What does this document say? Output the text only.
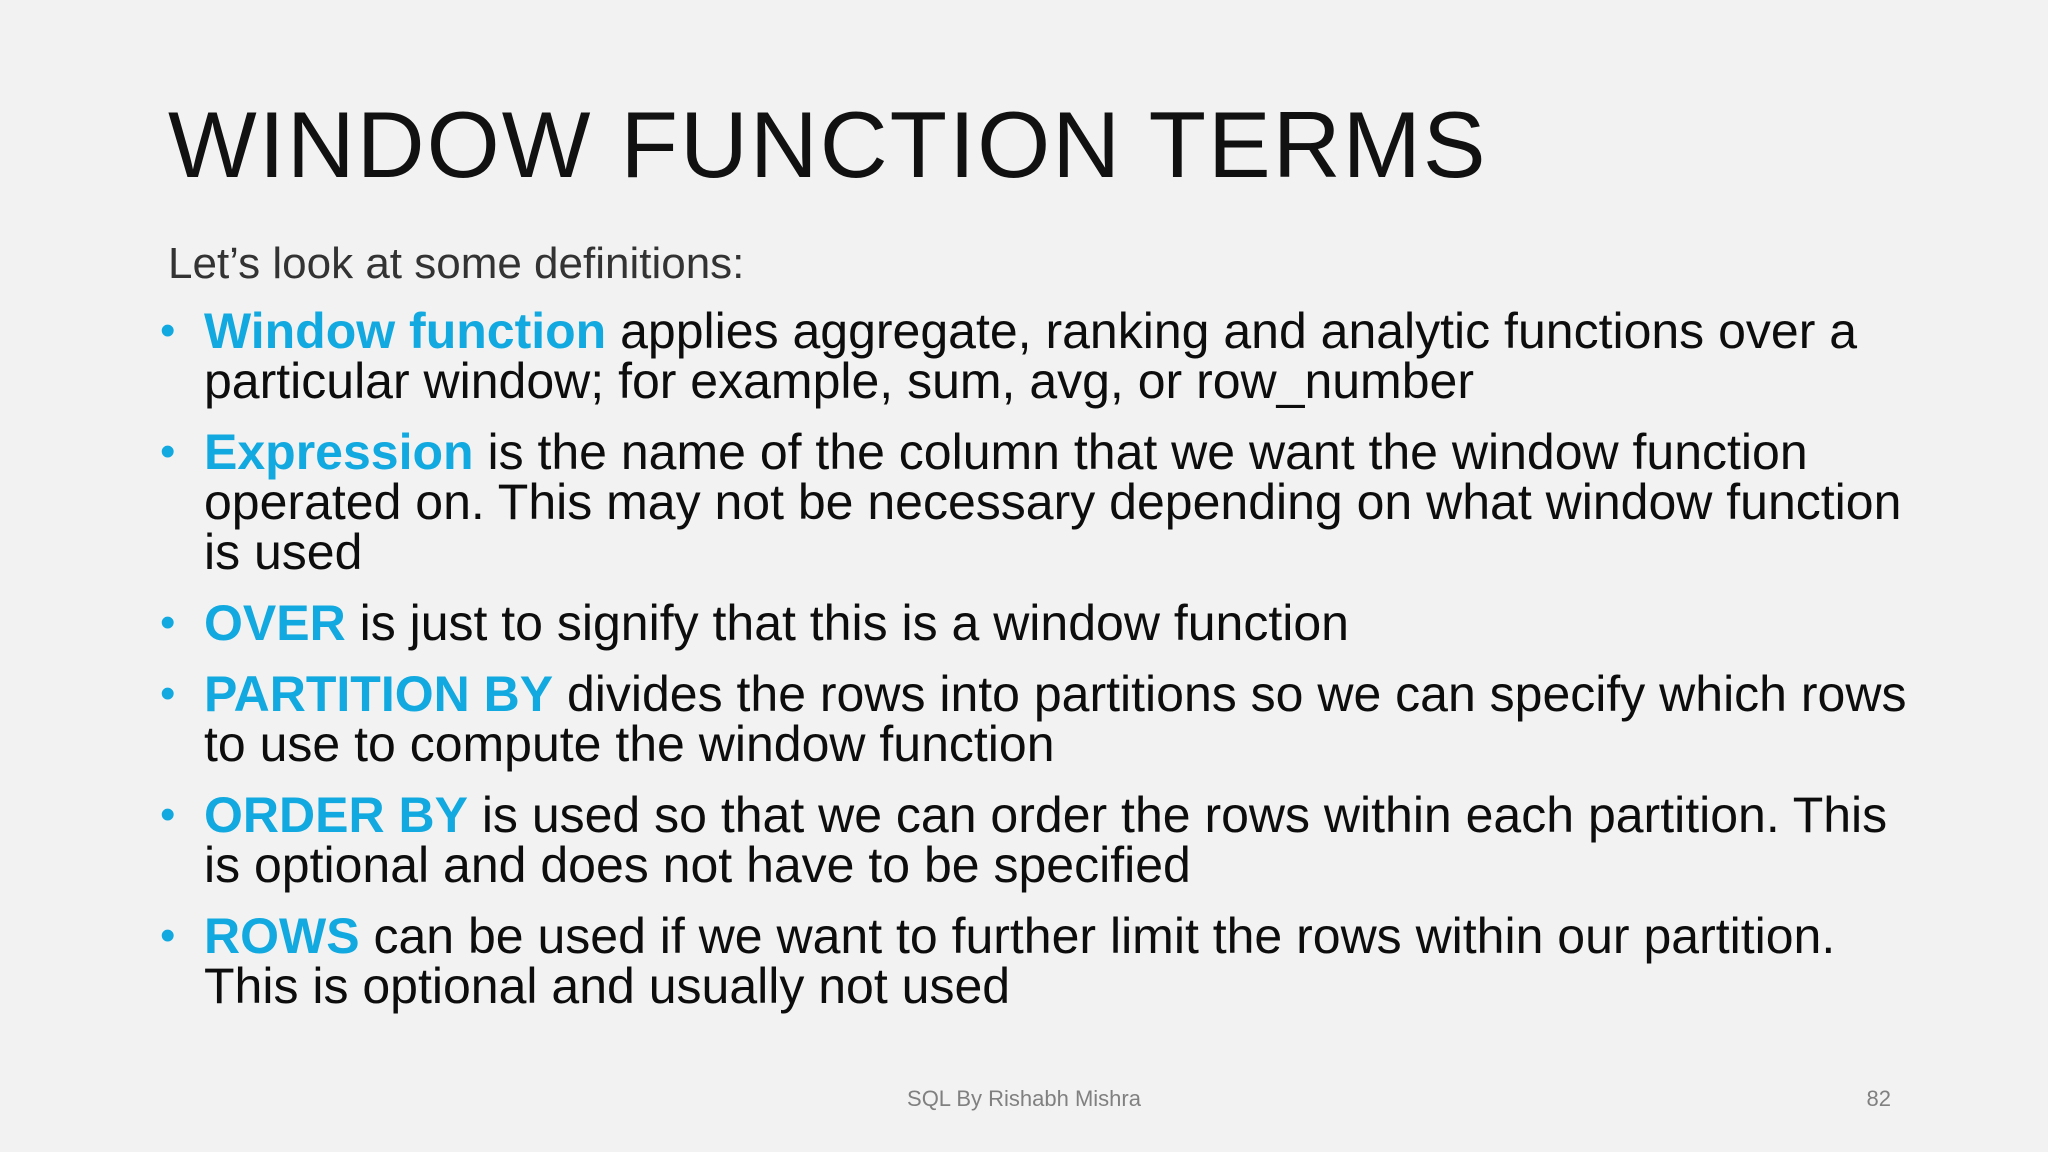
WINDOW FUNCTION TERMS

Let’s look at some definitions:

• Window function applies aggregate, ranking and analytic functions over a particular window; for example, sum, avg, or row_number
• Expression is the name of the column that we want the window function operated on. This may not be necessary depending on what window function is used
• OVER is just to signify that this is a window function
• PARTITION BY divides the rows into partitions so we can specify which rows to use to compute the window function
• ORDER BY is used so that we can order the rows within each partition. This is optional and does not have to be specified
• ROWS can be used if we want to further limit the rows within our partition. This is optional and usually not used
SQL By Rishabh Mishra	82
